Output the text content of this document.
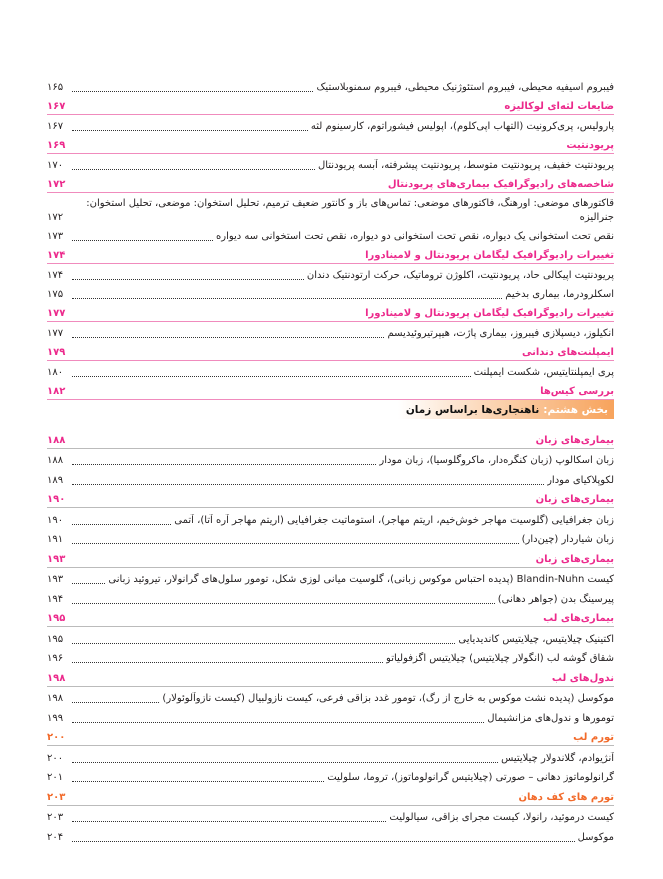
فیبروم اسیفیه محیطی، فیبروم استئوژنیک محیطی، فیبروم سمنوبلاستیک
۱۶۵
ضایعات لثه‌ای لوکالیزه
۱۶۷
پارولیس، پری‌کرونیت (التهاب اپی‌کلوم)، اپولیس فیشوراتوم، کارسینوم لثه
۱۶۷
پریودنتیت
۱۶۹
پریودنتیت خفیف، پریودنتیت متوسط، پریودنتیت پیشرفته، آبسه پریودنتال
۱۷۰
شاخصه‌های رادیوگرافیک بیماری‌های پریودنتال
۱۷۲
قاکتورهای موضعی: اورهنگ، فاکتورهای موضعی: تماس‌های باز و کانتور ضعیف ترمیم، تحلیل استخوان: موضعی، تحلیل استخوان: جنرالیزه
۱۷۲
نقص تحت استخوانی یک دیواره، نقص تحت استخوانی دو دیواره، نقص تحت استخوانی سه دیواره
۱۷۳
تغییرات رادیوگرافیک لیگامان پریودنتال و لامینادورا
۱۷۴
پریودنتیت اپیکالی حاد، پریودنتیت، اکلوژن تروماتیک، حرکت ارتودنتیک دندان
۱۷۴
اسکلرودرما، بیماری بدخیم
۱۷۵
تغییرات رادیوگرافیک لیگامان پریودنتال و لامینادورا
۱۷۷
انکیلوز، دیسپلازی فیبروز، بیماری پاژت، هیپرتیروئیدیسم
۱۷۷
ایمپلنت‌های دندانی
۱۷۹
پری ایمپلنتایتیس، شکست ایمپلنت
۱۸۰
بررسی کیس‌ها
۱۸۲
بخش هشتم:
ناهنجاری‌ها براساس زمان
بیماری‌های زبان
۱۸۸
زبان اسکالوپ (زبان کنگره‌دار، ماکروگلوسیا)، زبان مودار
۱۸۸
لکوپلاکیای مودار
۱۸۹
بیماری‌های زبان
۱۹۰
زبان جغرافیایی (گلوسیت مهاجر خوش‌خیم، اریتم مهاجر)، استوماتیت جغرافیایی (اریتم مهاجر آره آتا)، آتمی
۱۹۰
زبان شیاردار (چین‌دار)
۱۹۱
بیماری‌های زبان
۱۹۳
کیست Blandin-Nuhn (پدیده احتباس موکوس زبانی)، گلوسیت میانی لوزی شکل، تومور سلول‌های گرانولار، تیروئید زبانی
۱۹۳
پیرسینگ بدن (جواهر دهانی)
۱۹۴
بیماری‌های لب
۱۹۵
اکتینیک چیلایتیس، چیلایتیس کاندیدیایی
۱۹۵
شقاق گوشه لب (انگولار چیلایتیس) چیلایتیس اگزفولیاتو
۱۹۶
ندول‌های لب
۱۹۸
موکوسل (پدیده نشت موکوس به خارج از رگ)، تومور غدد بزاقی فرعی، کیست نازولبیال (کیست نازوآلوئولار)
۱۹۸
تومورها و ندول‌های مزانشیمال
۱۹۹
تورم لب
۲۰۰
آنژیوادم، گلاندولار چیلایتیس
۲۰۰
گرانولوماتوز دهانی – صورتی (چیلایتیس گرانولوماتوز)، تروما، سلولیت
۲۰۱
تورم های کف دهان
۲۰۳
کیست درموئید، رانولا، کیست مجرای بزاقی، سیالولیت
۲۰۳
موکوسل
۲۰۴
